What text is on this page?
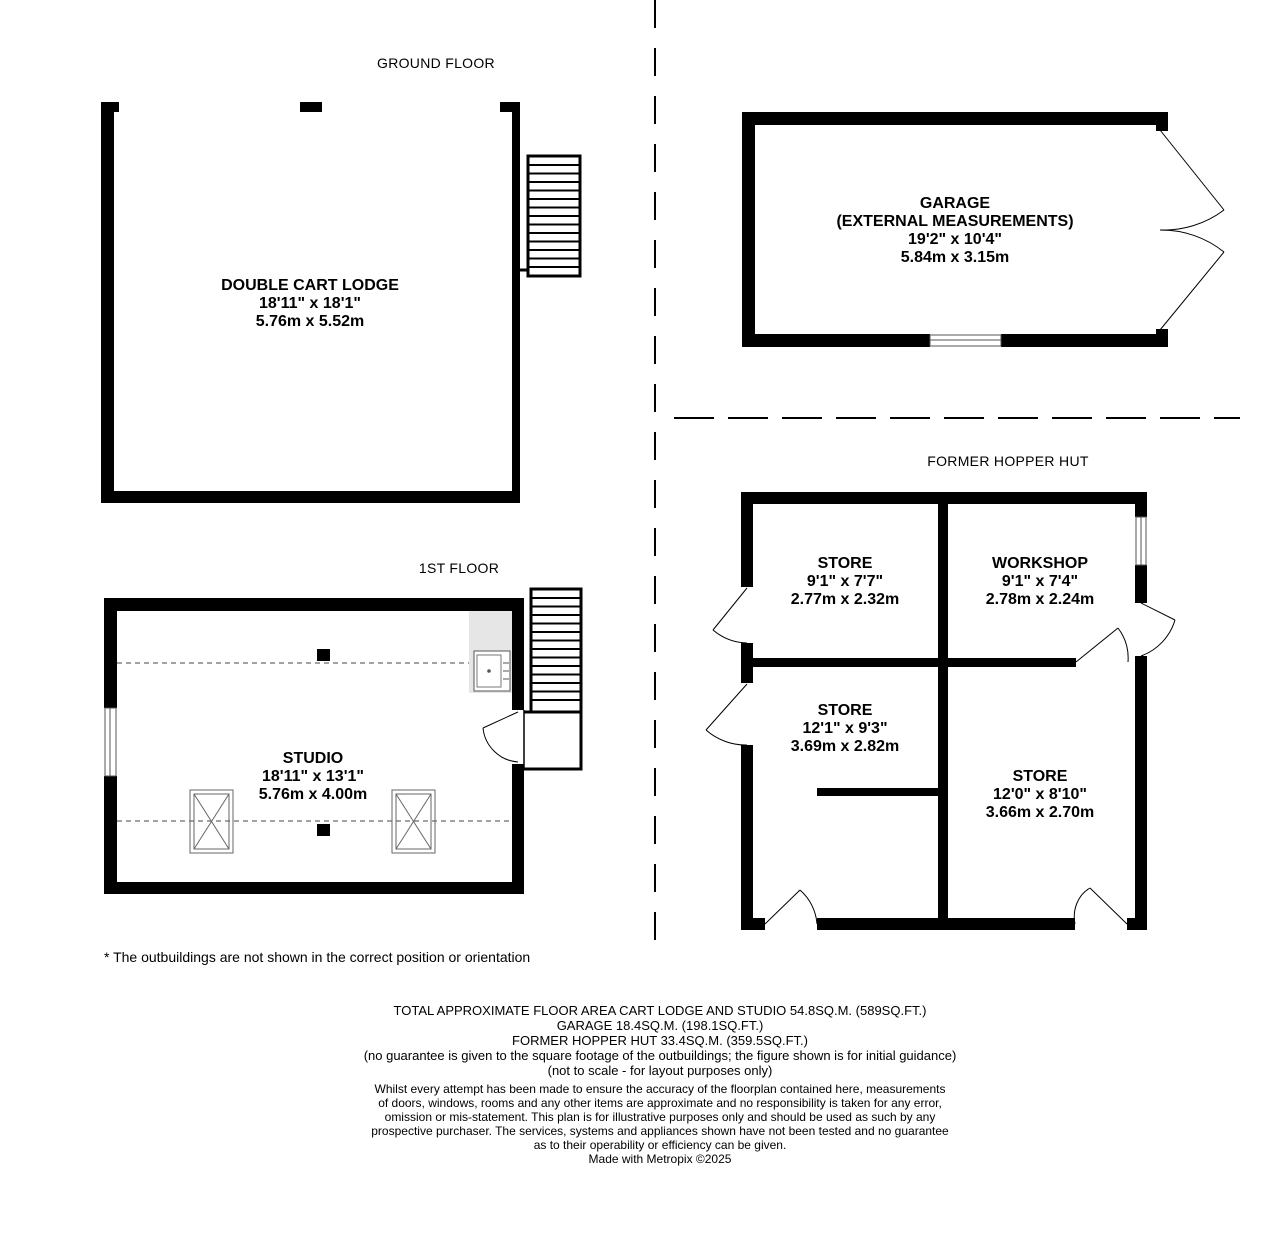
GROUND FLOOR
1ST FLOOR
FORMER HOPPER HUT
DOUBLE CART LODGE
18'11" x 18'1"
5.76m x 5.52m
STUDIO
18'11" x 13'1"
5.76m x 4.00m
GARAGE
(EXTERNAL MEASUREMENTS)
19'2" x 10'4"
5.84m x 3.15m
STORE
9'1" x 7'7"
2.77m x 2.32m
WORKSHOP
9'1" x 7'4"
2.78m x 2.24m
STORE
12'1" x 9'3"
3.69m x 2.82m
STORE
12'0" x 8'10"
3.66m x 2.70m
* The outbuildings are not shown in the correct position or orientation
TOTAL APPROXIMATE FLOOR AREA CART LODGE AND STUDIO 54.8SQ.M. (589SQ.FT.)
GARAGE 18.4SQ.M. (198.1SQ.FT.)
FORMER HOPPER HUT 33.4SQ.M. (359.5SQ.FT.)
(no guarantee is given to the square footage of the outbuildings; the figure shown is for initial guidance)
(not to scale - for layout purposes only)
Whilst every attempt has been made to ensure the accuracy of the floorplan contained here, measurements
of doors, windows, rooms and any other items are approximate and no responsibility is taken for any error,
omission or mis-statement. This plan is for illustrative purposes only and should be used as such by any
prospective purchaser. The services, systems and appliances shown have not been tested and no guarantee
as to their operability or efficiency can be given.
Made with Metropix ©2025
